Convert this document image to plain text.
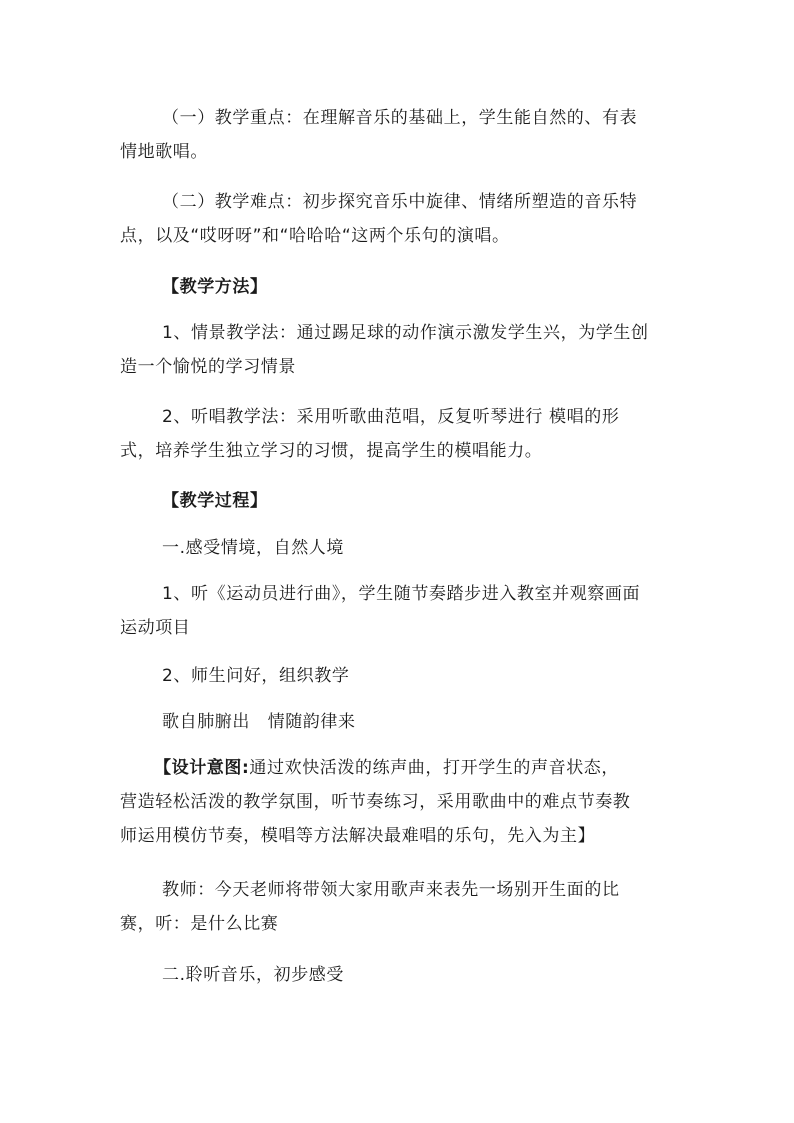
（一）教学重点：在理解音乐的基础上，学生能自然的、有表
情地歌唱。
（二）教学难点：初步探究音乐中旋律、情绪所塑造的音乐特
点，以及“哎呀呀”和“哈哈哈“这两个乐句的演唱。
【教学方法】
1、情景教学法：通过踢足球的动作演示激发学生兴，为学生创
造一个愉悦的学习情景
2、听唱教学法：采用听歌曲范唱，反复听琴进行 模唱的形
式，培养学生独立学习的习惯，提高学生的模唱能力。
【教学过程】
一.感受情境，自然人境
1、听《运动员进行曲》，学生随节奏踏步进入教室并观察画面
运动项目
2、师生问好，组织教学
歌自肺腑出　情随韵律来
【设计意图:通过欢快活泼的练声曲，打开学生的声音状态，
营造轻松活泼的教学氛围，听节奏练习，采用歌曲中的难点节奏教
师运用模仿节奏，模唱等方法解决最难唱的乐句，先入为主】
教师：今天老师将带领大家用歌声来表先一场别开生面的比
赛，听：是什么比赛
二.聆听音乐，初步感受
